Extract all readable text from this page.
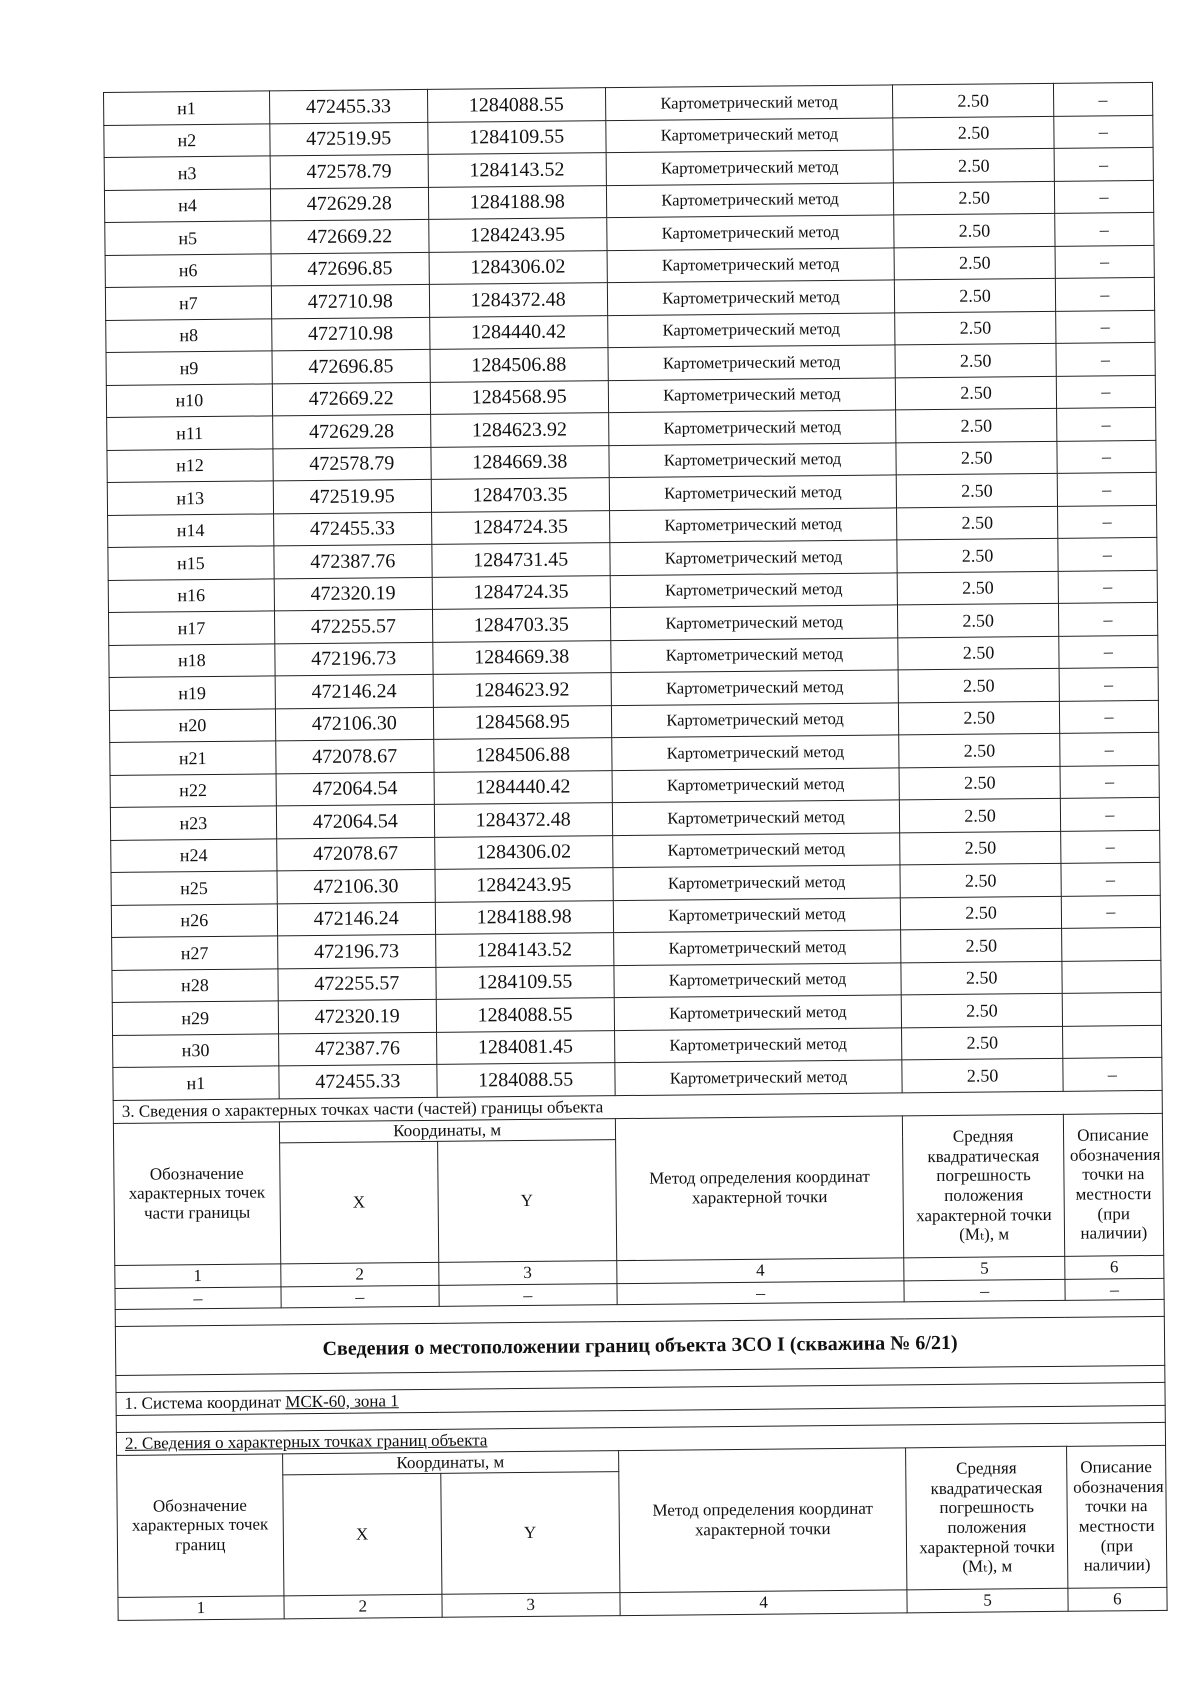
н1	472455.33	1284088.55	Картометрический метод	2.50	–
н2	472519.95	1284109.55	Картометрический метод	2.50	–
н3	472578.79	1284143.52	Картометрический метод	2.50	–
н4	472629.28	1284188.98	Картометрический метод	2.50	–
н5	472669.22	1284243.95	Картометрический метод	2.50	–
н6	472696.85	1284306.02	Картометрический метод	2.50	–
н7	472710.98	1284372.48	Картометрический метод	2.50	–
н8	472710.98	1284440.42	Картометрический метод	2.50	–
н9	472696.85	1284506.88	Картометрический метод	2.50	–
н10	472669.22	1284568.95	Картометрический метод	2.50	–
н11	472629.28	1284623.92	Картометрический метод	2.50	–
н12	472578.79	1284669.38	Картометрический метод	2.50	–
н13	472519.95	1284703.35	Картометрический метод	2.50	–
н14	472455.33	1284724.35	Картометрический метод	2.50	–
н15	472387.76	1284731.45	Картометрический метод	2.50	–
н16	472320.19	1284724.35	Картометрический метод	2.50	–
н17	472255.57	1284703.35	Картометрический метод	2.50	–
н18	472196.73	1284669.38	Картометрический метод	2.50	–
н19	472146.24	1284623.92	Картометрический метод	2.50	–
н20	472106.30	1284568.95	Картометрический метод	2.50	–
н21	472078.67	1284506.88	Картометрический метод	2.50	–
н22	472064.54	1284440.42	Картометрический метод	2.50	–
н23	472064.54	1284372.48	Картометрический метод	2.50	–
н24	472078.67	1284306.02	Картометрический метод	2.50	–
н25	472106.30	1284243.95	Картометрический метод	2.50	–
н26	472146.24	1284188.98	Картометрический метод	2.50	–
н27	472196.73	1284143.52	Картометрический метод	2.50	
н28	472255.57	1284109.55	Картометрический метод	2.50	
н29	472320.19	1284088.55	Картометрический метод	2.50	
н30	472387.76	1284081.45	Картометрический метод	2.50	
н1	472455.33	1284088.55	Картометрический метод	2.50	–
3. Сведения о характерных точках части (частей) границы объекта					
Обозначение характерных точек части границы	Координаты, м		Метод определения координат характерной точки	Средняя квадратическая погрешность положения характерной точки (Mₜ), м	Описание обозначения точки на местности (при наличии)
	X	Y			
1	2	3	4	5	6
–	–	–	–	–	–

Сведения о местоположении границ объекта ЗСО I (скважина № 6/21)					

1. Система координат МСК-60, зона 1					

2. Сведения о характерных точках границ объекта					
Обозначение характерных точек границ	Координаты, м		Метод определения координат характерной точки	Средняя квадратическая погрешность положения характерной точки (Mₜ), м	Описание обозначения точки на местности (при наличии)
	X	Y			
1	2	3	4	5	6
